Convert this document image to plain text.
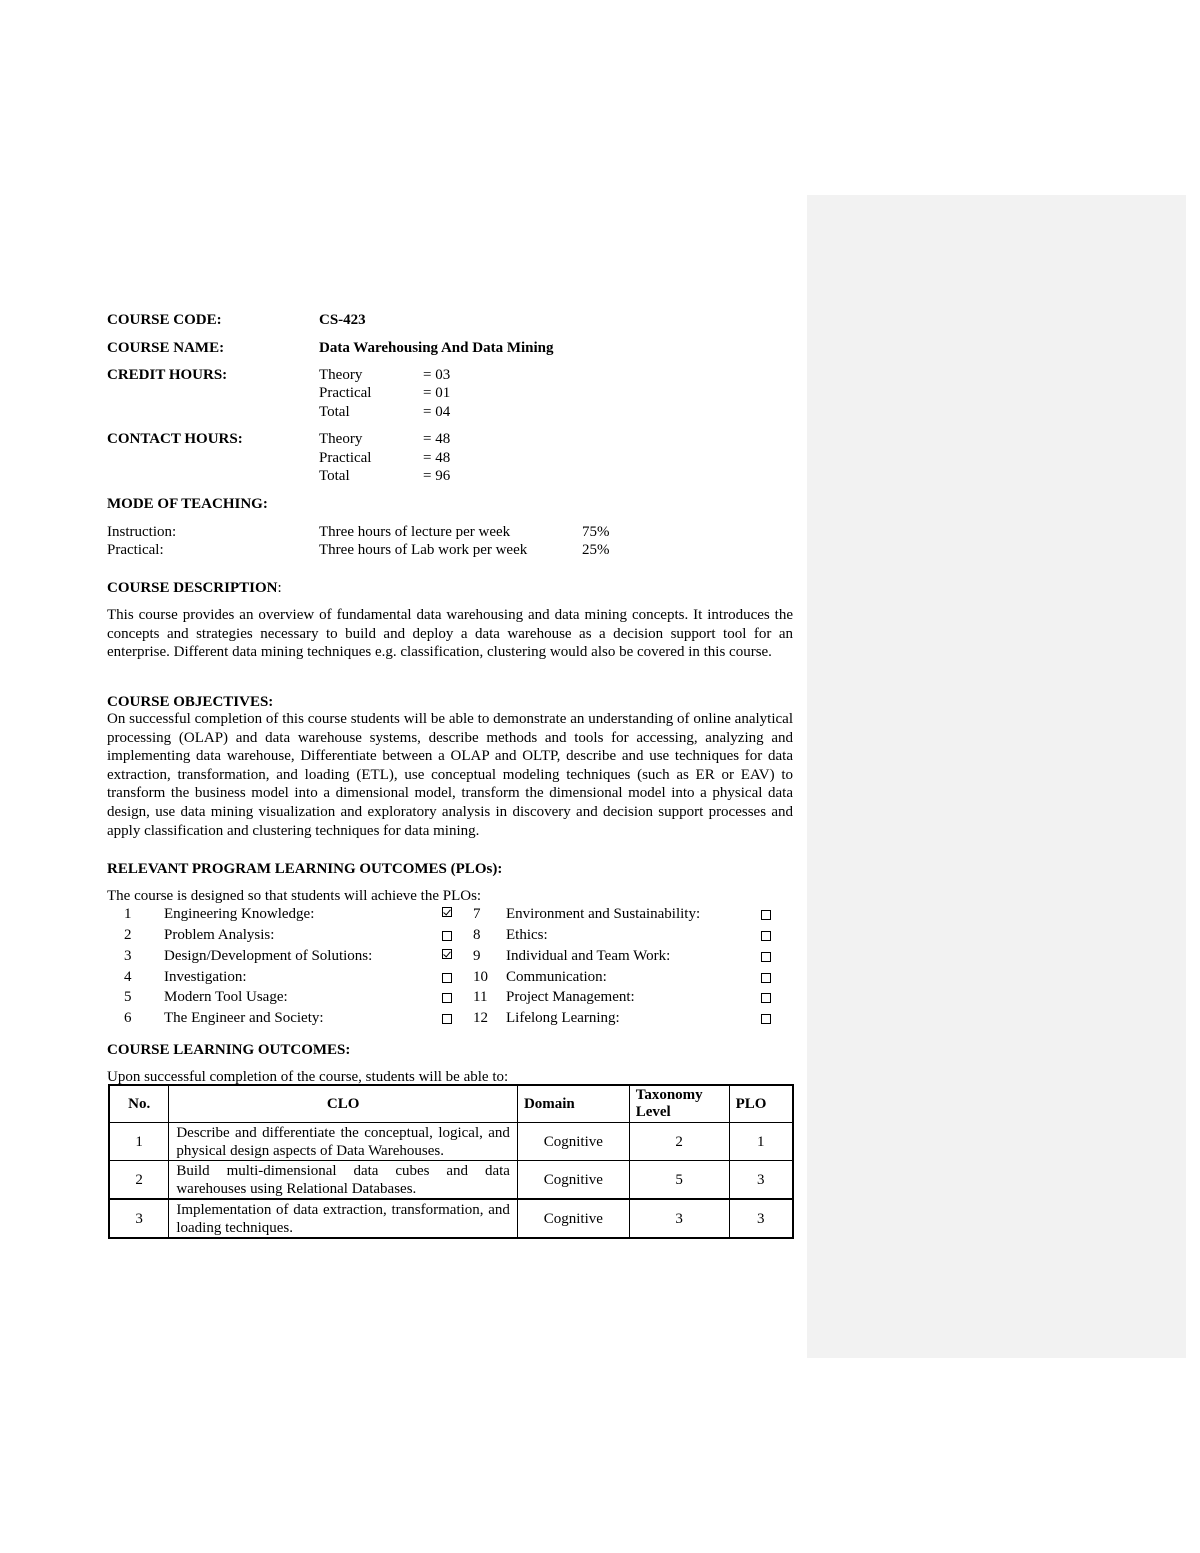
COURSE CODE:	CS-423
COURSE NAME:	Data Warehousing And Data Mining
CREDIT HOURS:	Theory	= 03
Practical	= 01
Total	= 04
CONTACT HOURS:	Theory	= 48
Practical	= 48
Total	= 96
MODE OF TEACHING:
Instruction:	Three hours of lecture per week	75%
Practical:	Three hours of Lab work per week	25%
COURSE DESCRIPTION:
This course provides an overview of fundamental data warehousing and data mining concepts. It introduces the concepts and strategies necessary to build and deploy a data warehouse as a decision support tool for an enterprise. Different data mining techniques e.g. classification, clustering would also be covered in this course.
COURSE OBJECTIVES:
On successful completion of this course students will be able to demonstrate an understanding of online analytical processing (OLAP) and data warehouse systems, describe methods and tools for accessing, analyzing and implementing data warehouse, Differentiate between a OLAP and OLTP, describe and use techniques for data extraction, transformation, and loading (ETL), use conceptual modeling techniques (such as ER or EAV) to transform the business model into a dimensional model, transform the dimensional model into a physical data design, use data mining visualization and exploratory analysis in discovery and decision support processes and apply classification and clustering techniques for data mining.
RELEVANT PROGRAM LEARNING OUTCOMES (PLOs):
The course is designed so that students will achieve the PLOs:
1 Engineering Knowledge:
2 Problem Analysis:
3 Design/Development of Solutions:
4 Investigation:
5 Modern Tool Usage:
6 The Engineer and Society:
7 Environment and Sustainability:
8 Ethics:
9 Individual and Team Work:
10 Communication:
11 Project Management:
12 Lifelong Learning:
COURSE LEARNING OUTCOMES:
Upon successful completion of the course, students will be able to:
No.	CLO	Domain	Taxonomy Level	PLO
1	Describe and differentiate the conceptual, logical, and physical design aspects of Data Warehouses.	Cognitive	2	1
2	Build multi-dimensional data cubes and data warehouses using Relational Databases.	Cognitive	5	3
3	Implementation of data extraction, transformation, and loading techniques.	Cognitive	3	3
